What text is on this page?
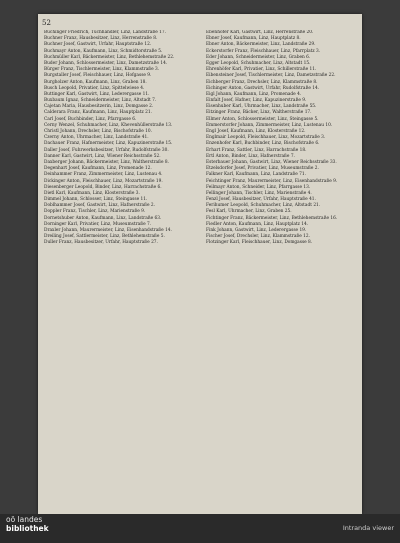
52
Buchinger Friedrich, Tuchhändler, Linz, Landstraße 17.
Buchner Franz, Hausbesitzer, Linz, Herrenstraße 8.
Buchner Josef, Gastwirt, Urfahr, Hauptstraße 12.
Buchmayr Anton, Kaufmann, Linz, Schmidtorstraße 5.
Buchmüller Karl, Bäckermeister, Linz, Bethlehemstraße 22.
Buder Johann, Schlossermeister, Linz, Dametzstraße 14.
Bürger Franz, Tischlermeister, Linz, Klammstraße 3.
Burgstaller Josef, Fleischhauer, Linz, Hofgasse 9.
Burgholzer Anton, Kaufmann, Linz, Graben 18.
Busch Leopold, Privatier, Linz, Spittelwiese 4.
Buttinger Karl, Gastwirt, Linz, Lederergasse 11.
Buxbaum Ignaz, Schneidermeister, Linz, Altstadt 7.
Cajetan Maria, Hausbesitzerin, Linz, Domgasse 2.
Calderara Franz, Kaufmann, Linz, Hauptplatz 21.
Carl Josef, Buchbinder, Linz, Pfarrgasse 6.
Cerny Wenzel, Schuhmacher, Linz, Khevenhüllerstraße 13.
Christl Johann, Drechsler, Linz, Bischofstraße 10.
Czerny Anton, Uhrmacher, Linz, Landstraße 41.
Dachauer Franz, Hafnermeister, Linz, Kapuzinerstraße 15.
Daller Josef, Fuhrwerksbesitzer, Urfahr, Rudolfstraße 30.
Danner Karl, Gastwirt, Linz, Wiener Reichsstraße 52.
Daxberger Johann, Bäckermeister, Linz, Waltherstraße 8.
Degenhart Josef, Kaufmann, Linz, Promenade 12.
Deinhammer Franz, Zimmermeister, Linz, Lustenau 4.
Dickinger Anton, Fleischhauer, Linz, Mozartstraße 19.
Diesenberger Leopold, Binder, Linz, Harrachstraße 6.
Dietl Karl, Kaufmann, Linz, Klosterstraße 3.
Dimmel Johann, Schlosser, Linz, Steingasse 11.
Doblhammer Josef, Gastwirt, Linz, Hafnerstraße 2.
Doppler Franz, Tischler, Linz, Marienstraße 9.
Dornetshuber Anton, Kaufmann, Linz, Landstraße 63.
Dorninger Karl, Privatier, Linz, Museumstraße 7.
Draxler Johann, Maurermeister, Linz, Eisenhandstraße 14.
Dreiling Josef, Sattlermeister, Linz, Bethlehemstraße 5.
Duller Franz, Hausbesitzer, Urfahr, Hauptstraße 27.
Ebenhofer Karl, Gastwirt, Linz, Herrenstraße 20.
Ebner Josef, Kaufmann, Linz, Hauptplatz 8.
Ebner Anton, Bäckermeister, Linz, Landstraße 29.
Eckerstorfer Franz, Fleischhauer, Linz, Pfarrplatz 3.
Eder Johann, Schneidermeister, Linz, Graben 6.
Egger Leopold, Schuhmacher, Linz, Altstadt 15.
Ehrenhöfer Karl, Privatier, Linz, Schillerstraße 11.
Eibensteiner Josef, Tischlermeister, Linz, Dametzstraße 22.
Eichberger Franz, Drechsler, Linz, Klammstraße 8.
Eichinger Anton, Gastwirt, Urfahr, Rudolfstraße 14.
Eigl Johann, Kaufmann, Linz, Promenade 4.
Einfalt Josef, Hafner, Linz, Kapuzinerstraße 9.
Eisenhuber Karl, Uhrmacher, Linz, Landstraße 55.
Eitzinger Franz, Bäcker, Linz, Waltherstraße 17.
Ellmer Anton, Schlossermeister, Linz, Steingasse 5.
Emmerstorfer Johann, Zimmermeister, Linz, Lustenau 10.
Engl Josef, Kaufmann, Linz, Klosterstraße 12.
Englmair Leopold, Fleischhauer, Linz, Mozartstraße 3.
Enzenhofer Karl, Buchbinder, Linz, Bischofstraße 6.
Erhart Franz, Sattler, Linz, Harrachstraße 18.
Ertl Anton, Binder, Linz, Hafnerstraße 7.
Esterbauer Johann, Gastwirt, Linz, Wiener Reichsstraße 33.
Etzelsdorfer Josef, Privatier, Linz, Museumstraße 2.
Falkner Karl, Kaufmann, Linz, Landstraße 71.
Feichtinger Franz, Maurermeister, Linz, Eisenhandstraße 9.
Feilmayr Anton, Schneider, Linz, Pfarrgasse 13.
Fellinger Johann, Tischler, Linz, Marienstraße 4.
Fenzl Josef, Hausbesitzer, Urfahr, Hauptstraße 41.
Ferihumer Leopold, Schuhmacher, Linz, Altstadt 21.
Fesl Karl, Uhrmacher, Linz, Graben 25.
Fichtinger Franz, Bäckermeister, Linz, Bethlehemstraße 16.
Fiedler Anton, Kaufmann, Linz, Hauptplatz 14.
Fink Johann, Gastwirt, Linz, Lederergasse 19.
Fischer Josef, Drechsler, Linz, Klammstraße 12.
Flotzinger Karl, Fleischhauer, Linz, Domgasse 8.
oö landes
bibliothek	Intranda viewer
